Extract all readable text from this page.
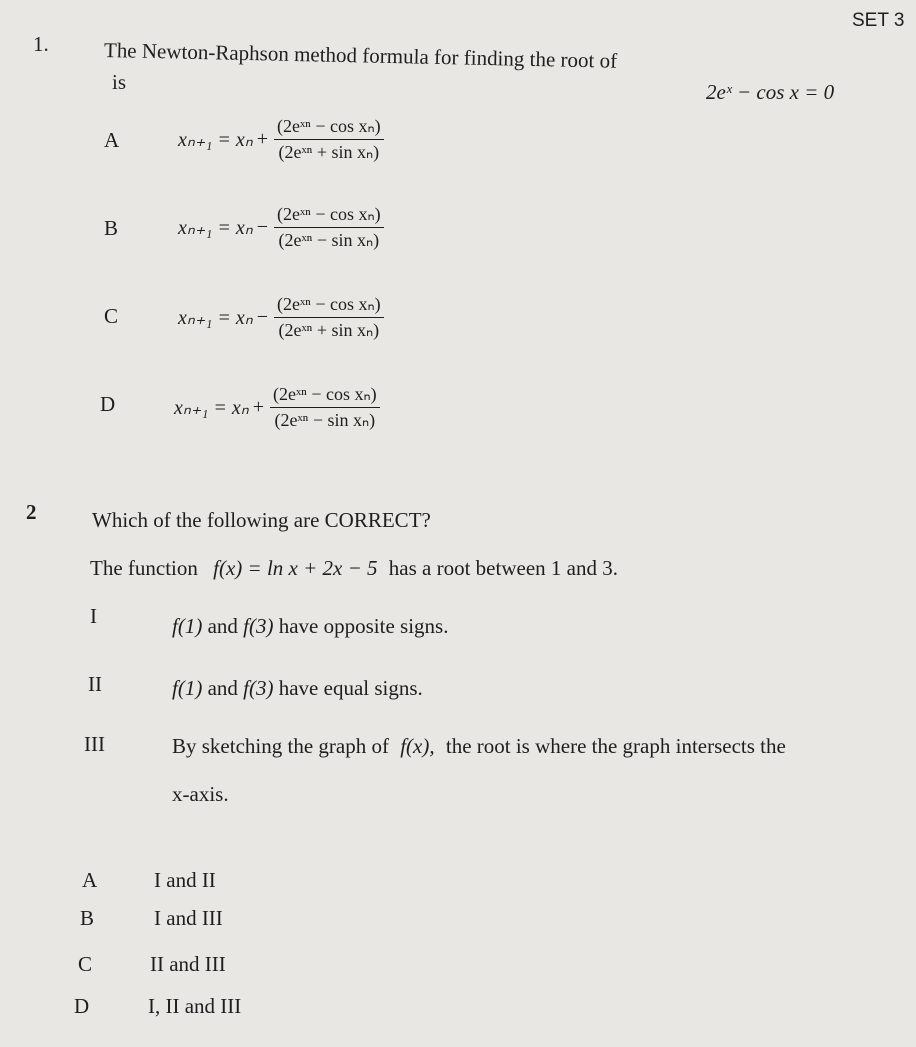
SET 3
1.	The Newton-Raphson method formula for finding the root of
is	2eˣ − cos x = 0
A	$x_{n+1} = x_n + \frac{\text{(2eˣⁿ − cos xₙ)}}{\text{(2eˣⁿ + sin xₙ)}}$
B	$x_{n+1} = x_n - \frac{\text{(2eˣⁿ − cos xₙ)}}{\text{(2eˣⁿ − sin xₙ)}}$
C	$x_{n+1} = x_n - \frac{\text{(2eˣⁿ − cos xₙ)}}{\text{(2eˣⁿ + sin xₙ)}}$
D	$x_{n+1} = x_n + \frac{\text{(2eˣⁿ − cos xₙ)}}{\text{(2eˣⁿ − sin xₙ)}}$
2	Which of the following are CORRECT?
The function f(x) = ln x + 2x − 5 has a root between 1 and 3.
I	f(1) and f(3) have opposite signs.
II	f(1) and f(3) have equal signs.
III	By sketching the graph of f(x), the root is where the graph intersects the
x-axis.
A	I and II
B	I and III
C	II and III
D	I, II and III
